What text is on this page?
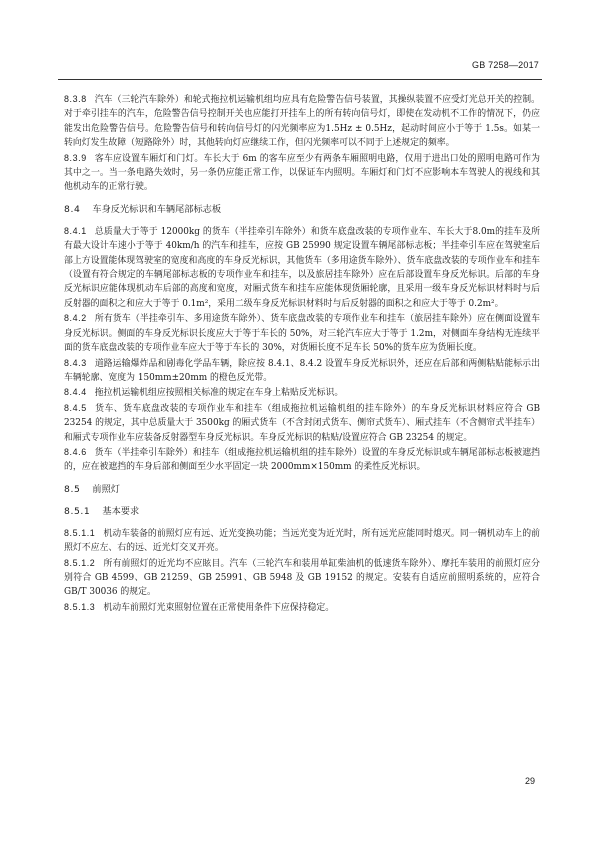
GB 7258—2017

8.3.8 汽车（三轮汽车除外）和轮式拖拉机运输机组均应具有危险警告信号装置，其操纵装置不应受灯光总开关的控制。对于牵引挂车的汽车，危险警告信号控制开关也应能打开挂车上的所有转向信号灯，即使在发动机不工作的情况下，仍应能发出危险警告信号。危险警告信号和转向信号灯的闪光频率应为1.5Hz ± 0.5Hz，起动时间应小于等于 1.5s。如某一转向灯发生故障（短路除外）时，其他转向灯应继续工作，但闪光频率可以不同于上述规定的频率。

8.3.9 客车应设置车厢灯和门灯。车长大于 6m 的客车应至少有两条车厢照明电路，仅用于进出口处的照明电路可作为其中之一。当一条电路失效时，另一条仍应能正常工作，以保证车内照明。车厢灯和门灯不应影响本车驾驶人的视线和其他机动车的正常行驶。

8.4 车身反光标识和车辆尾部标志板

8.4.1 总质量大于等于 12000kg 的货车（半挂牵引车除外）和货车底盘改装的专项作业车、车长大于8.0m的挂车及所有最大设计车速小于等于 40km/h 的汽车和挂车，应按 GB 25990 规定设置车辆尾部标志板；半挂牵引车应在驾驶室后部上方设置能体现驾驶室的宽度和高度的车身反光标识，其他货车（多用途货车除外）、货车底盘改装的专项作业车和挂车（设置有符合规定的车辆尾部标志板的专项作业车和挂车，以及旅居挂车除外）应在后部设置车身反光标识。后部的车身反光标识应能体现机动车后部的高度和宽度，对厢式货车和挂车应能体现货厢轮廓，且采用一级车身反光标识材料时与后反射器的面积之和应大于等于 0.1m²，采用二级车身反光标识材料时与后反射器的面积之和应大于等于 0.2m²。

8.4.2 所有货车（半挂牵引车、多用途货车除外）、货车底盘改装的专项作业车和挂车（旅居挂车除外）应在侧面设置车身反光标识。侧面的车身反光标识长度应大于等于车长的 50%，对三轮汽车应大于等于 1.2m，对侧面车身结构无连续平面的货车底盘改装的专项作业车应大于等于车长的 30%，对货厢长度不足车长 50%的货车应为货厢长度。

8.4.3 道路运输爆炸品和剧毒化学品车辆，除应按 8.4.1、8.4.2 设置车身反光标识外，还应在后部和两侧粘贴能标示出车辆轮廓、宽度为 150mm±20mm 的橙色反光带。

8.4.4 拖拉机运输机组应按照相关标准的规定在车身上粘贴反光标识。

8.4.5 货车、货车底盘改装的专项作业车和挂车（组成拖拉机运输机组的挂车除外）的车身反光标识材料应符合 GB 23254 的规定，其中总质量大于 3500kg 的厢式货车（不含封闭式货车、侧帘式货车）、厢式挂车（不含侧帘式半挂车）和厢式专项作业车应装备反射器型车身反光标识。车身反光标识的粘贴/设置应符合 GB 23254 的规定。

8.4.6 货车（半挂牵引车除外）和挂车（组成拖拉机运输机组的挂车除外）设置的车身反光标识或车辆尾部标志板被遮挡的，应在被遮挡的车身后部和侧面至少水平固定一块 2000mm×150mm 的柔性反光标识。

8.5 前照灯
8.5.1 基本要求

8.5.1.1 机动车装备的前照灯应有远、近光变换功能；当远光变为近光时，所有远光应能同时熄灭。同一辆机动车上的前照灯不应左、右的远、近光灯交叉开亮。

8.5.1.2 所有前照灯的近光均不应眩目。汽车（三轮汽车和装用单缸柴油机的低速货车除外）、摩托车装用的前照灯应分别符合 GB 4599、GB 21259、GB 25991、GB 5948 及 GB 19152 的规定。安装有自适应前照明系统的，应符合 GB/T 30036 的规定。

8.5.1.3 机动车前照灯光束照射位置在正常使用条件下应保持稳定。

29
